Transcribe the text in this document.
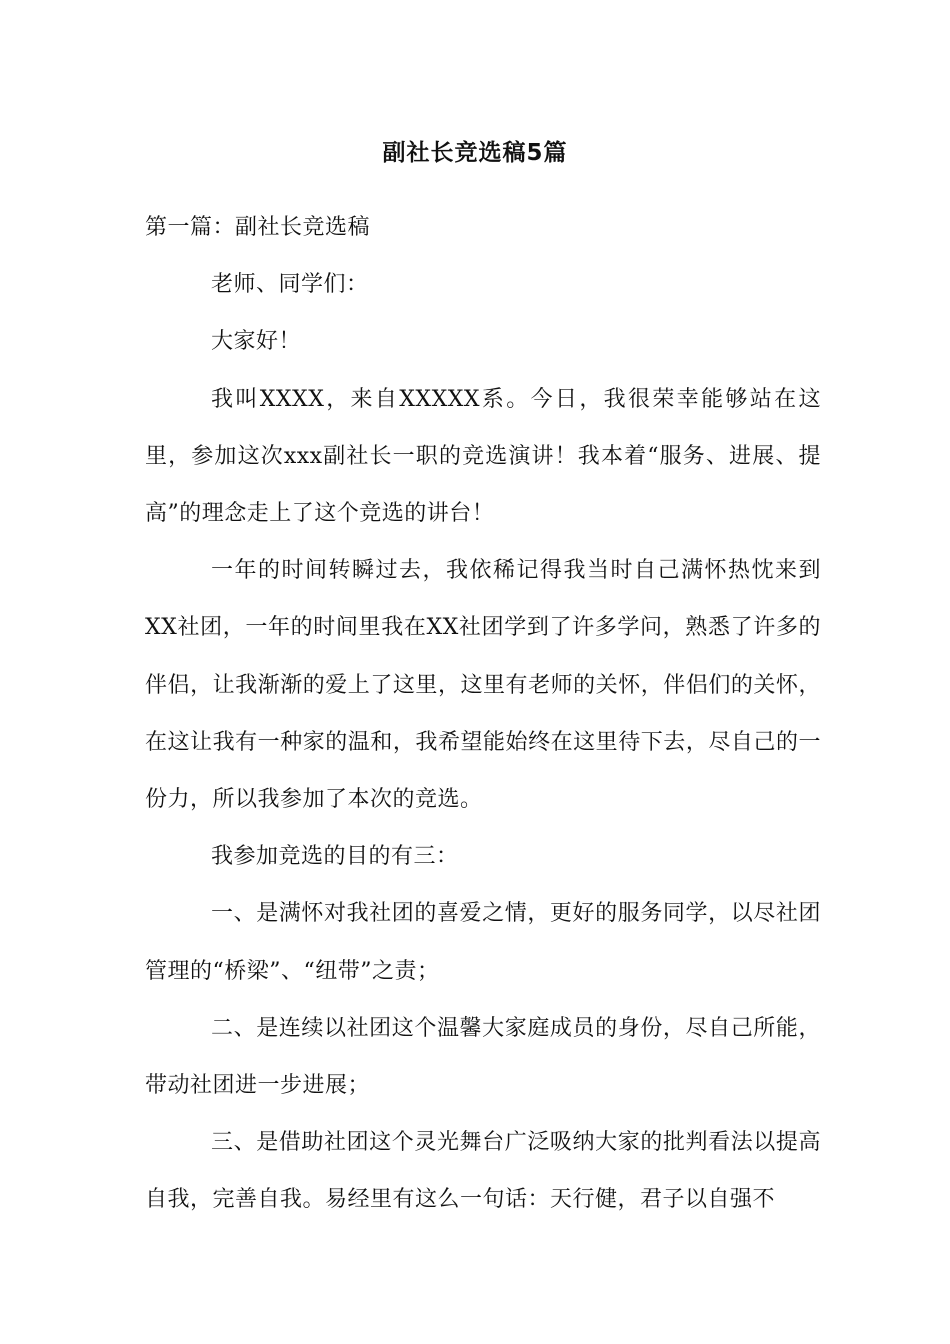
副社长竞选稿5篇

第一篇：副社长竞选稿

老师、同学们：

大家好！

我叫XXXX，来自XXXXX系。今日，我很荣幸能够站在这里，参加这次xxx副社长一职的竞选演讲！我本着“服务、进展、提高”的理念走上了这个竞选的讲台！

一年的时间转瞬过去，我依稀记得我当时自己满怀热忱来到XX社团，一年的时间里我在XX社团学到了许多学问，熟悉了许多的伴侣，让我渐渐的爱上了这里，这里有老师的关怀，伴侣们的关怀，在这让我有一种家的温和，我希望能始终在这里待下去，尽自己的一份力，所以我参加了本次的竞选。

我参加竞选的目的有三：

一、是满怀对我社团的喜爱之情，更好的服务同学，以尽社团管理的“桥梁”、“纽带”之责；

二、是连续以社团这个温馨大家庭成员的身份，尽自己所能，带动社团进一步进展；

三、是借助社团这个灵光舞台广泛吸纳大家的批判看法以提高自我，完善自我。易经里有这么一句话：天行健，君子以自强不
